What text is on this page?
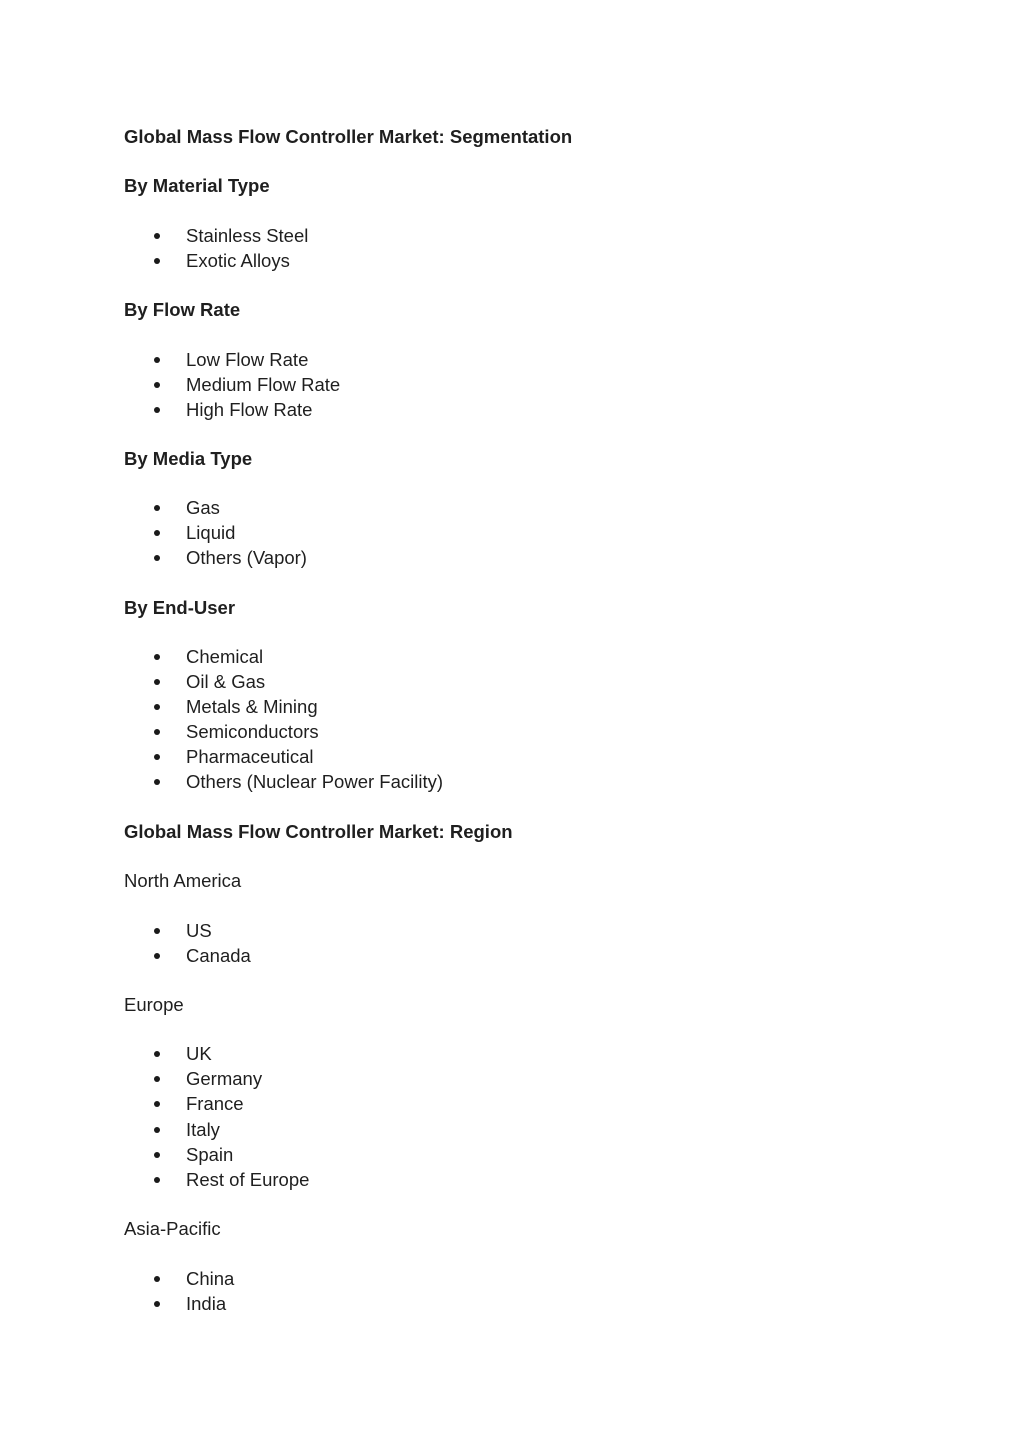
Global Mass Flow Controller Market: Segmentation
By Material Type
Stainless Steel
Exotic Alloys
By Flow Rate
Low Flow Rate
Medium Flow Rate
High Flow Rate
By Media Type
Gas
Liquid
Others (Vapor)
By End-User
Chemical
Oil & Gas
Metals & Mining
Semiconductors
Pharmaceutical
Others (Nuclear Power Facility)
Global Mass Flow Controller Market: Region

North America

US
Canada

Europe

UK
Germany
France
Italy
Spain
Rest of Europe

Asia-Pacific

China
India
